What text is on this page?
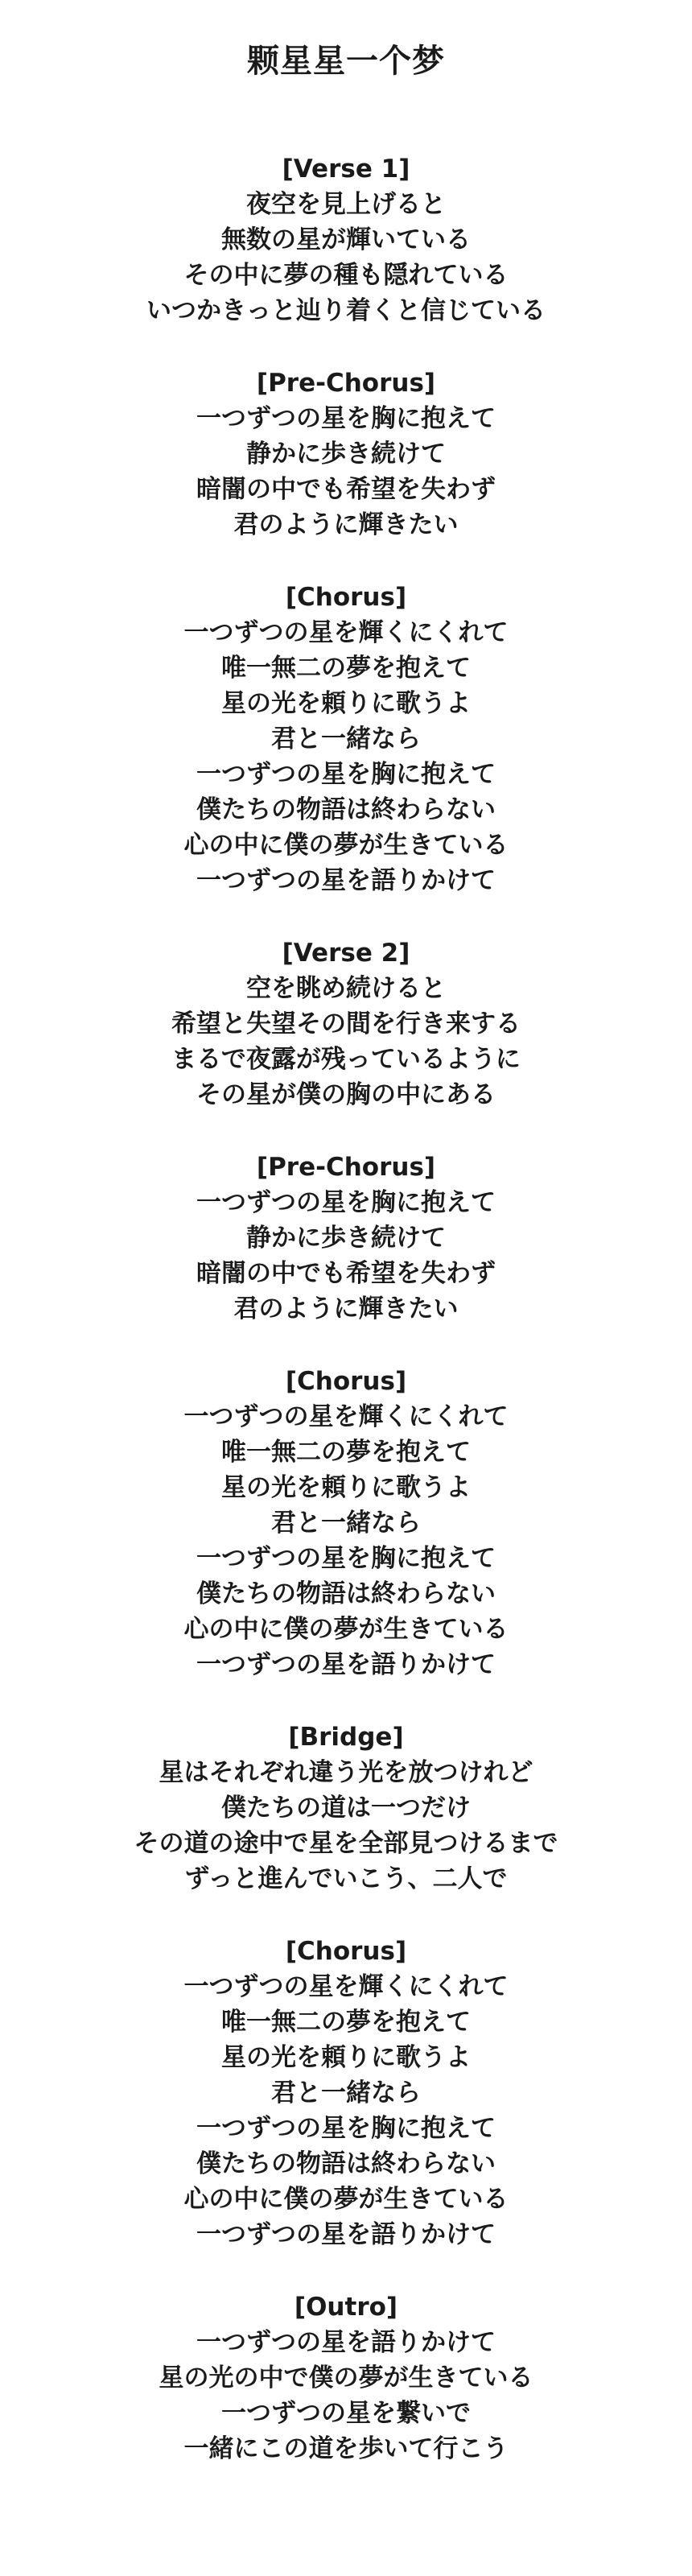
颗星星一个梦

[Verse 1]

夜空を見上げると

無数の星が輝いている

その中に夢の種も隠れている

いつかきっと辿り着くと信じている

[Pre-Chorus]

一つずつの星を胸に抱えて

静かに歩き続けて

暗闇の中でも希望を失わず

君のように輝きたい

[Chorus]

一つずつの星を輝くにくれて

唯一無二の夢を抱えて

星の光を頼りに歌うよ

君と一緒なら

一つずつの星を胸に抱えて

僕たちの物語は終わらない

心の中に僕の夢が生きている

一つずつの星を語りかけて

[Verse 2]

空を眺め続けると

希望と失望その間を行き来する

まるで夜露が残っているように

その星が僕の胸の中にある

[Pre-Chorus]

一つずつの星を胸に抱えて

静かに歩き続けて

暗闇の中でも希望を失わず

君のように輝きたい

[Chorus]

一つずつの星を輝くにくれて

唯一無二の夢を抱えて

星の光を頼りに歌うよ

君と一緒なら

一つずつの星を胸に抱えて

僕たちの物語は終わらない

心の中に僕の夢が生きている

一つずつの星を語りかけて

[Bridge]

星はそれぞれ違う光を放つけれど

僕たちの道は一つだけ

その道の途中で星を全部見つけるまで

ずっと進んでいこう、二人で

[Chorus]

一つずつの星を輝くにくれて

唯一無二の夢を抱えて

星の光を頼りに歌うよ

君と一緒なら

一つずつの星を胸に抱えて

僕たちの物語は終わらない

心の中に僕の夢が生きている

一つずつの星を語りかけて

[Outro]

一つずつの星を語りかけて

星の光の中で僕の夢が生きている

一つずつの星を繋いで

一緒にこの道を歩いて行こう
